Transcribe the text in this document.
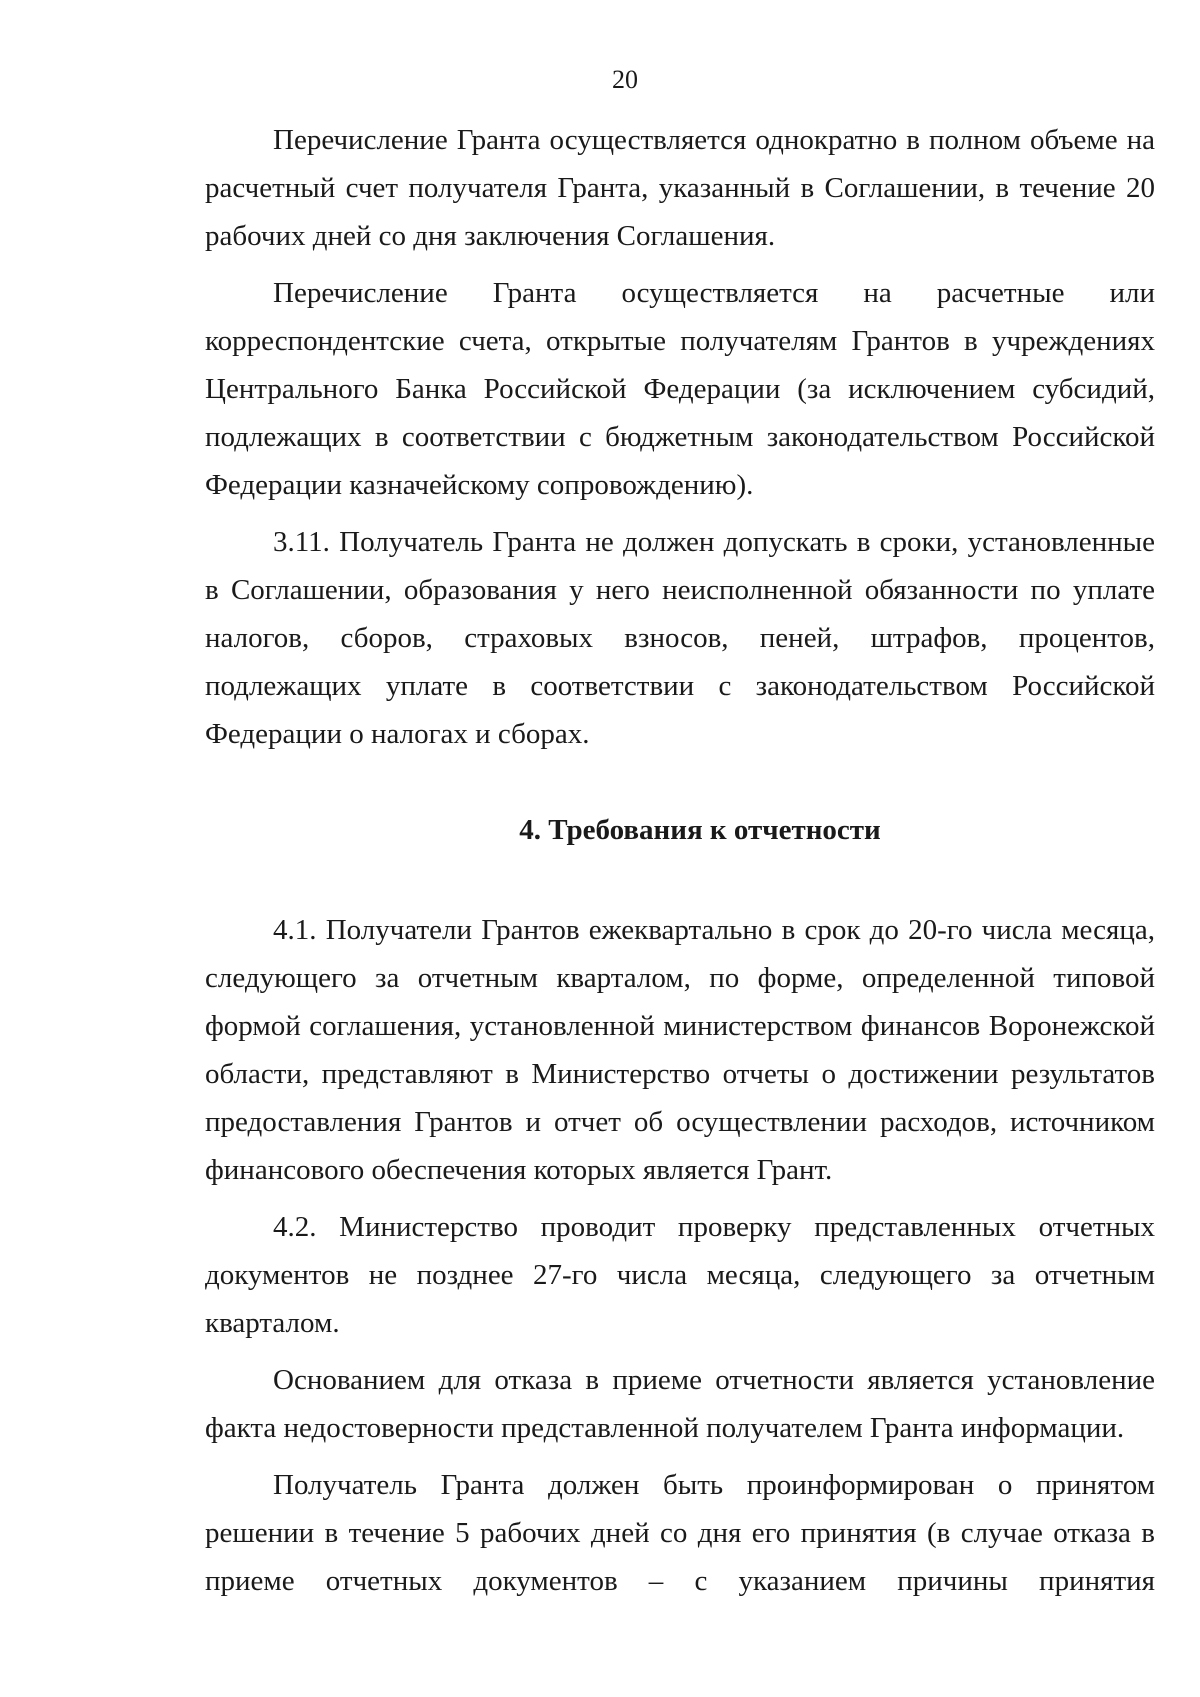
20

Перечисление Гранта осуществляется однократно в полном объеме на расчетный счет получателя Гранта, указанный в Соглашении, в течение 20 рабочих дней со дня заключения Соглашения.

Перечисление Гранта осуществляется на расчетные или корреспондентские счета, открытые получателям Грантов в учреждениях Центрального Банка Российской Федерации (за исключением субсидий, подлежащих в соответствии с бюджетным законодательством Российской Федерации казначейскому сопровождению).

3.11. Получатель Гранта не должен допускать в сроки, установленные в Соглашении, образования у него неисполненной обязанности по уплате налогов, сборов, страховых взносов, пеней, штрафов, процентов, подлежащих уплате в соответствии с законодательством Российской Федерации о налогах и сборах.

4. Требования к отчетности

4.1. Получатели Грантов ежеквартально в срок до 20-го числа месяца, следующего за отчетным кварталом, по форме, определенной типовой формой соглашения, установленной министерством финансов Воронежской области, представляют в Министерство отчеты о достижении результатов предоставления Грантов и отчет об осуществлении расходов, источником финансового обеспечения которых является Грант.

4.2. Министерство проводит проверку представленных отчетных документов не позднее 27-го числа месяца, следующего за отчетным кварталом.

Основанием для отказа в приеме отчетности является установление факта недостоверности представленной получателем Гранта информации.

Получатель Гранта должен быть проинформирован о принятом решении в течение 5 рабочих дней со дня его принятия (в случае отказа в приеме отчетных документов – с указанием причины принятия
